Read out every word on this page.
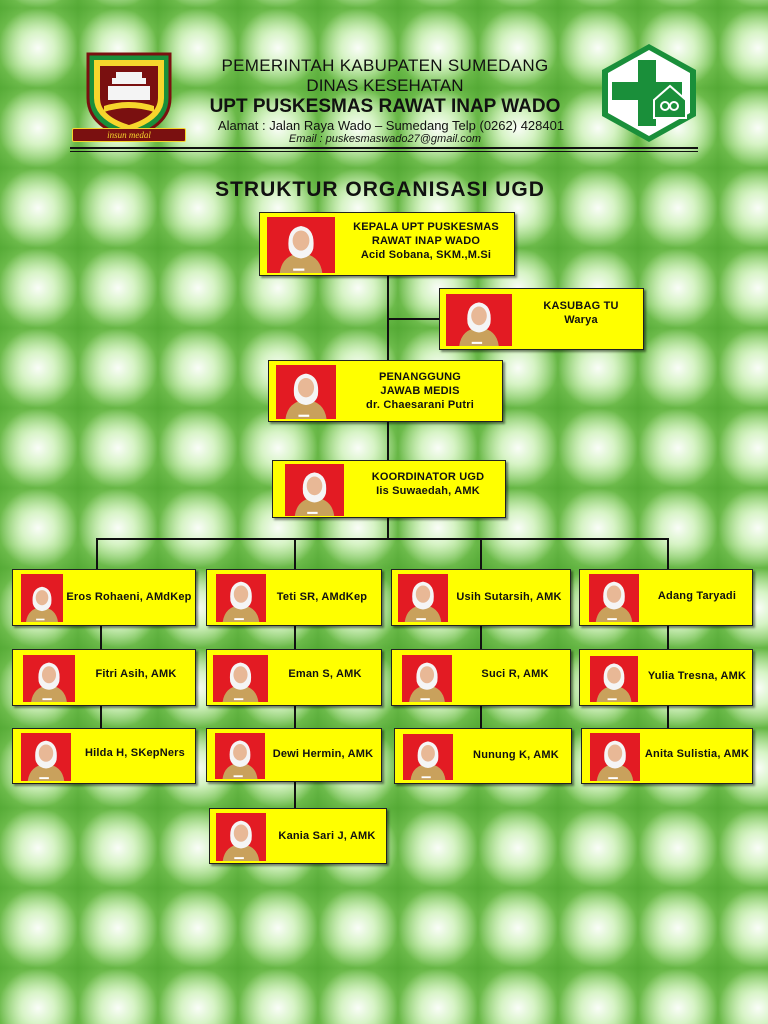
insun medal
PEMERINTAH KABUPATEN SUMEDANG
DINAS KESEHATAN
UPT PUSKESMAS RAWAT INAP WADO
Alamat : Jalan Raya Wado – Sumedang Telp (0262) 428401
Email : puskesmaswado27@gmail.com
STRUKTUR ORGANISASI UGD
KEPALA UPT PUSKESMAS
RAWAT INAP WADO
Acid Sobana, SKM.,M.Si
KASUBAG TU
Warya
PENANGGUNG
JAWAB MEDIS
dr. Chaesarani Putri
KOORDINATOR UGD
Iis Suwaedah, AMK
Eros Rohaeni, AMdKep
Fitri Asih, AMK
Hilda H, SKepNers
Teti SR, AMdKep
Eman S, AMK
Dewi Hermin, AMK
Kania Sari J, AMK
Usih Sutarsih, AMK
Suci R, AMK
Nunung K, AMK
Adang Taryadi
Yulia Tresna, AMK
Anita Sulistia, AMK
